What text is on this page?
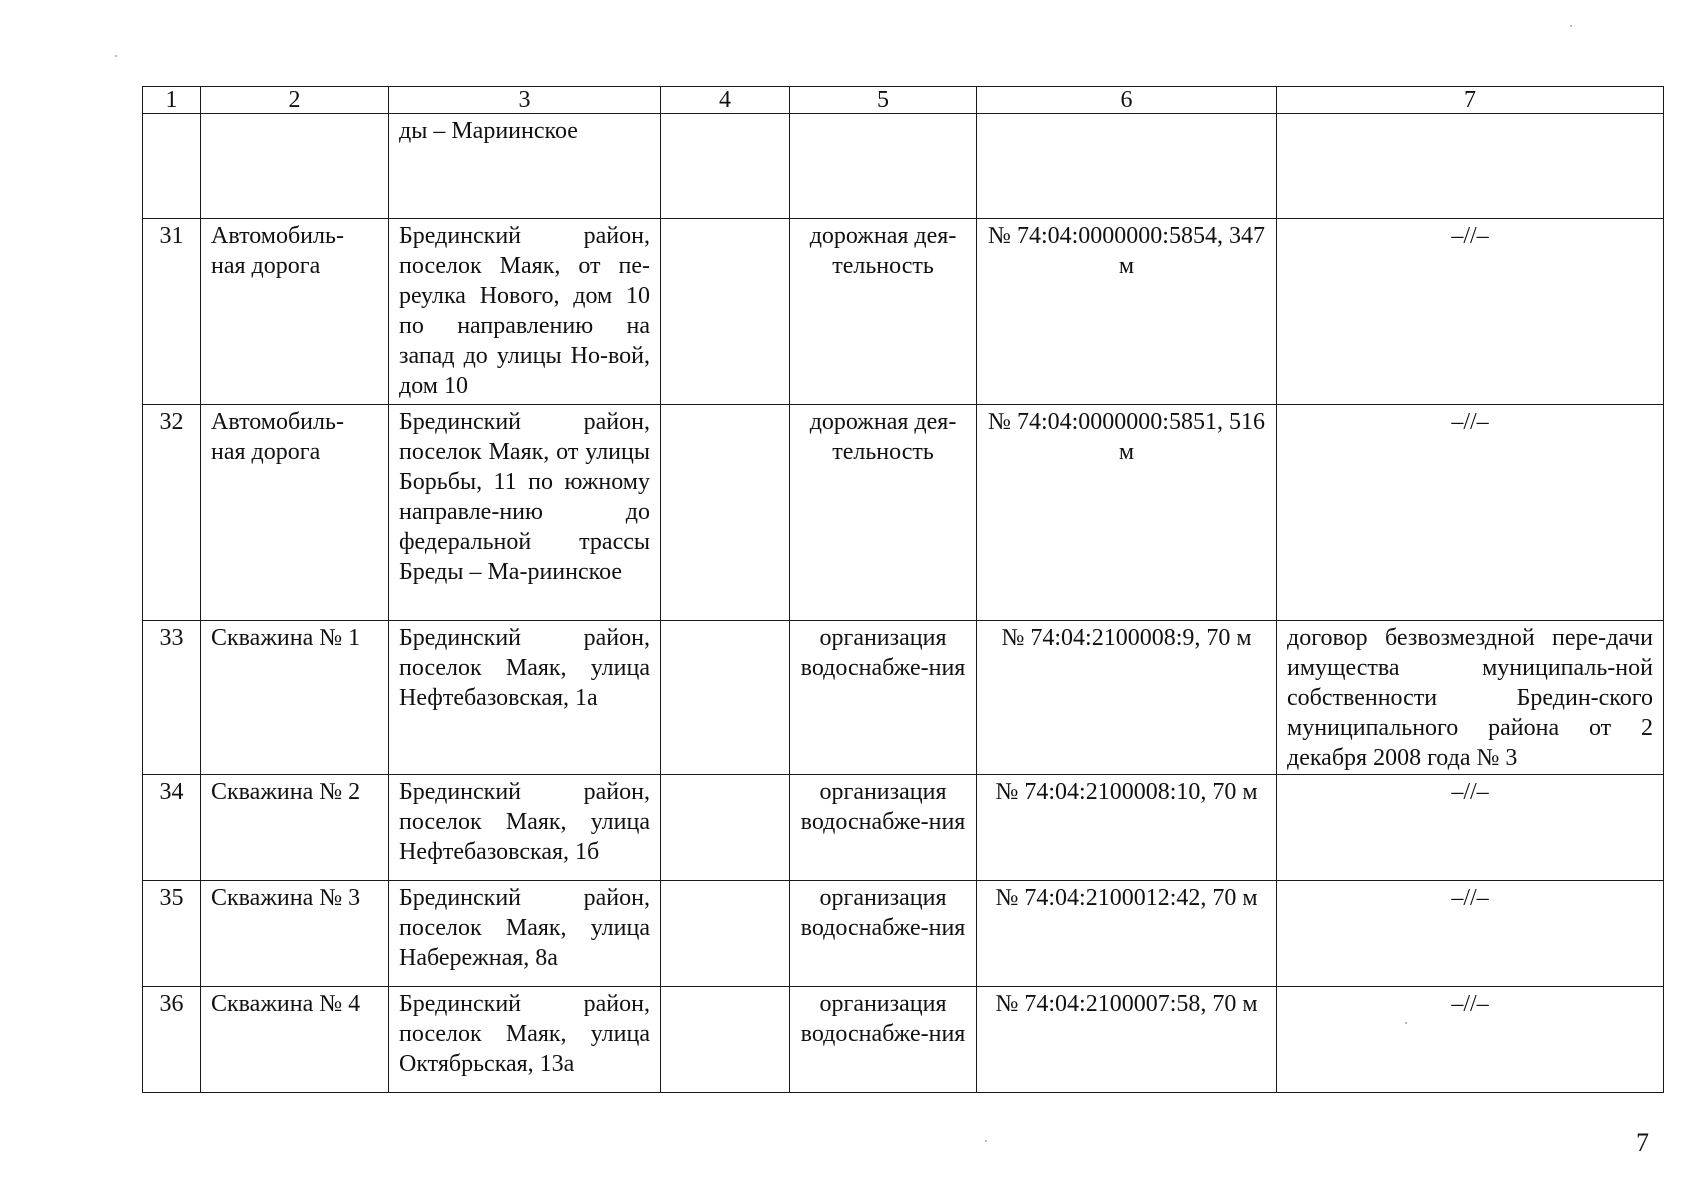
1	2	3	4	5	6	7
		ды – Мариинское				
31	Автомобиль-ная дорога	Брединский район, поселок Маяк, от пе-реулка Нового, дом 10 по направлению на запад до улицы Но-вой, дом 10		дорожная дея-тельность	№ 74:04:0000000:5854, 347 м	–//–
32	Автомобиль-ная дорога	Брединский район, поселок Маяк, от улицы Борьбы, 11 по южному направле-нию до федеральной трассы Бреды – Ма-риинское		дорожная дея-тельность	№ 74:04:0000000:5851, 516 м	–//–
33	Скважина № 1	Брединский район, поселок Маяк, улица Нефтебазовская, 1а		организация водоснабже-ния	№ 74:04:2100008:9, 70 м	договор безвозмездной пере-дачи имущества муниципаль-ной собственности Бредин-ского муниципального района от 2 декабря 2008 года № 3
34	Скважина № 2	Брединский район, поселок Маяк, улица Нефтебазовская, 1б		организация водоснабже-ния	№ 74:04:2100008:10, 70 м	–//–
35	Скважина № 3	Брединский район, поселок Маяк, улица Набережная, 8а		организация водоснабже-ния	№ 74:04:2100012:42, 70 м	–//–
36	Скважина № 4	Брединский район, поселок Маяк, улица Октябрьская, 13а		организация водоснабже-ния	№ 74:04:2100007:58, 70 м	–//–
7
